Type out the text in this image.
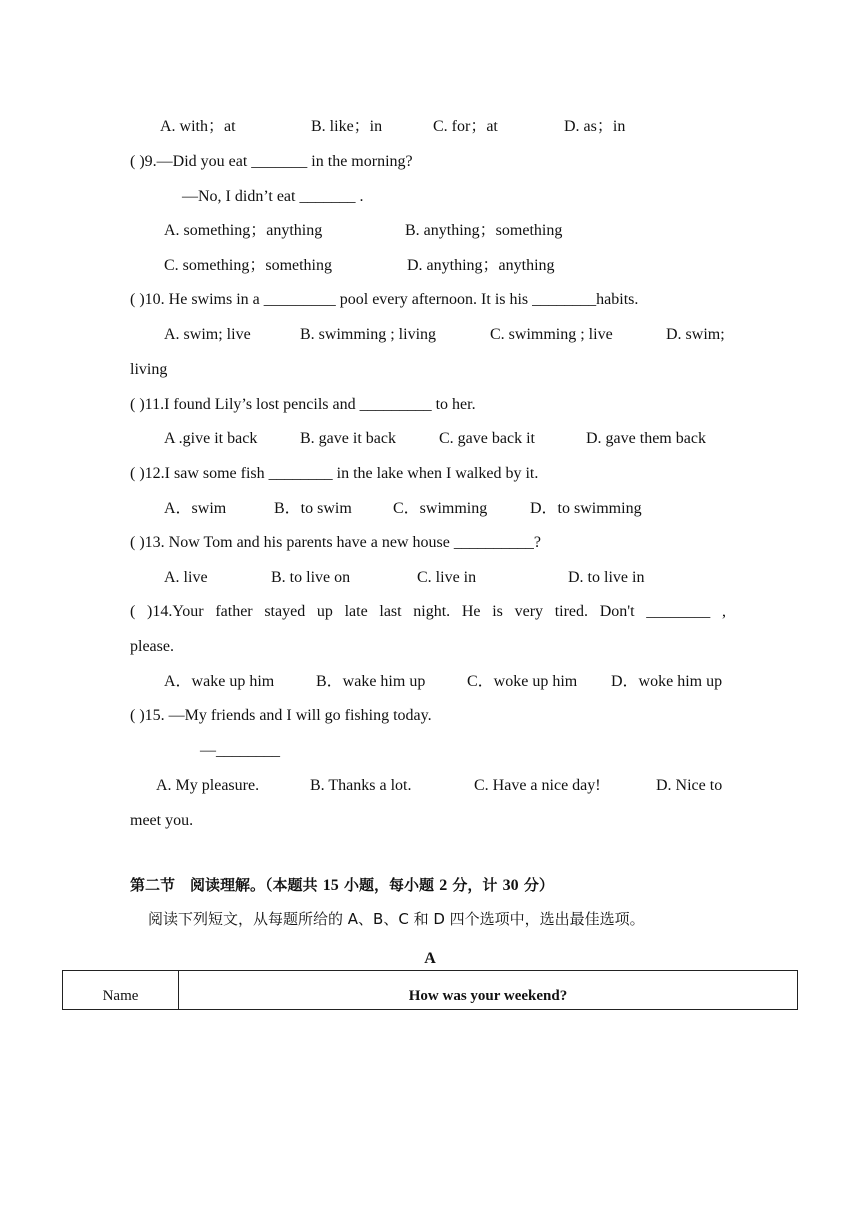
A. with；at	B. like；in	C. for；at	D. as；in
( )9.—Did you eat _______ in the morning?
—No, I didn’t eat _______ .
A. something；anything	B. anything；something
C. something；something	D. anything；anything
( )10. He swims in a _________ pool every afternoon. It is his ________habits.
A. swim; live	B. swimming ; living	C. swimming ; live	D. swim;
living
( )11.I found Lily’s lost pencils and _________ to her.
A .give it back	B. gave it back	C. gave back it	D. gave them back
( )12.I saw some fish ________ in the lake when I walked by it.
A．swim	B．to swim	C．swimming	D．to swimming
( )13. Now Tom and his parents have a new house __________?
A. live	B. to live on	C. live in	D. to live in
( )14.Your father stayed up late last night. He is very tired. Don't ________ ,
please.
A．wake up him	B．wake him up	C．woke up him D．woke him up
( )15. —My friends and I will go fishing today.
—________
A. My pleasure.	B. Thanks a lot.	C. Have a nice day!	D. Nice to
meet you.
第二节　阅读理解。（本题共 15 小题，每小题 2 分，计 30 分）
阅读下列短文，从每题所给的 A、B、C 和 D 四个选项中，选出最佳选项。
A
Name	How was your weekend?
